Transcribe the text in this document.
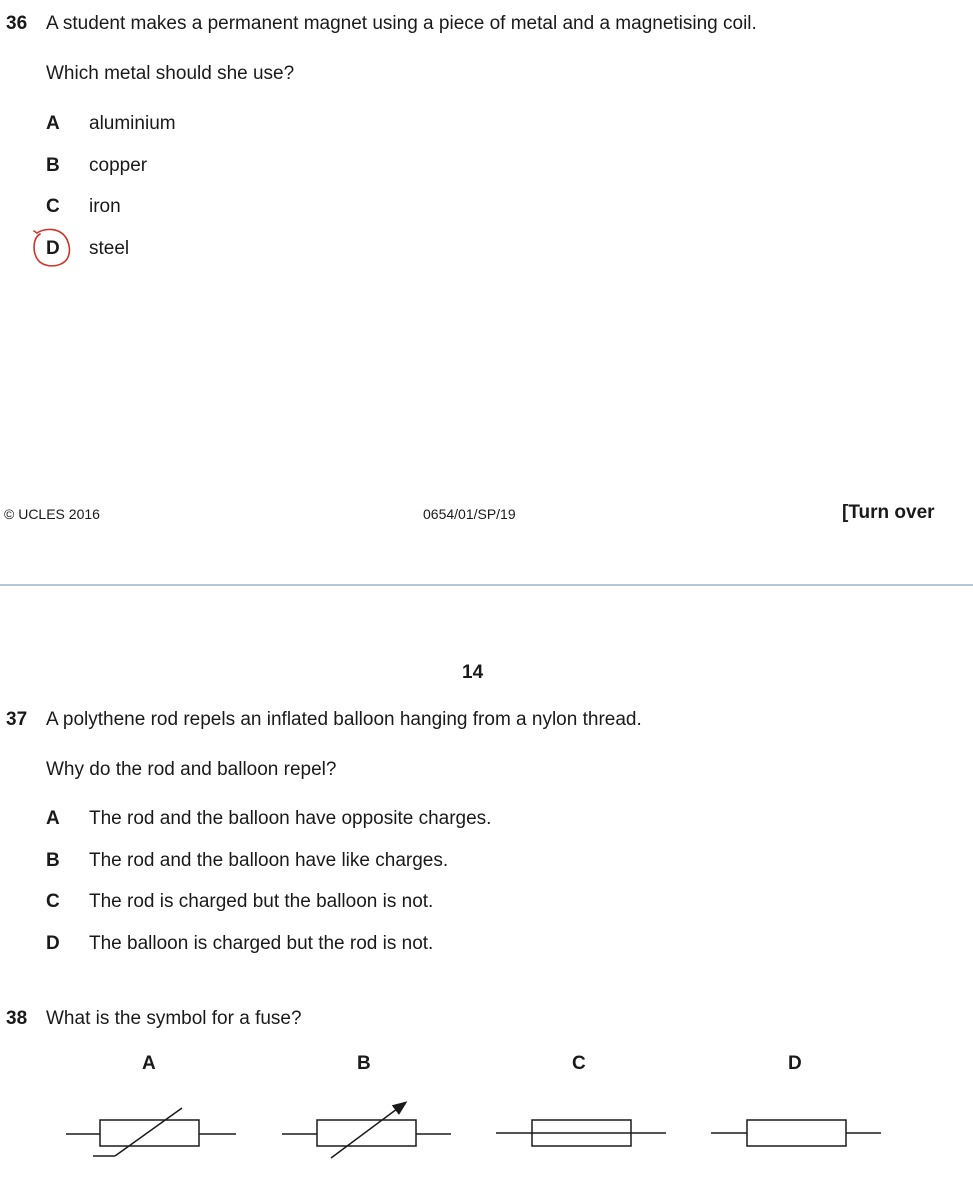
36 A student makes a permanent magnet using a piece of metal and a magnetising coil.
Which metal should she use?
A aluminium
B copper
C iron
D steel
© UCLES 2016	0654/01/SP/19	[Turn over
14
37 A polythene rod repels an inflated balloon hanging from a nylon thread.
Why do the rod and balloon repel?
A The rod and the balloon have opposite charges.
B The rod and the balloon have like charges.
C The rod is charged but the balloon is not.
D The balloon is charged but the rod is not.
38 What is the symbol for a fuse?
A	B	C	D
